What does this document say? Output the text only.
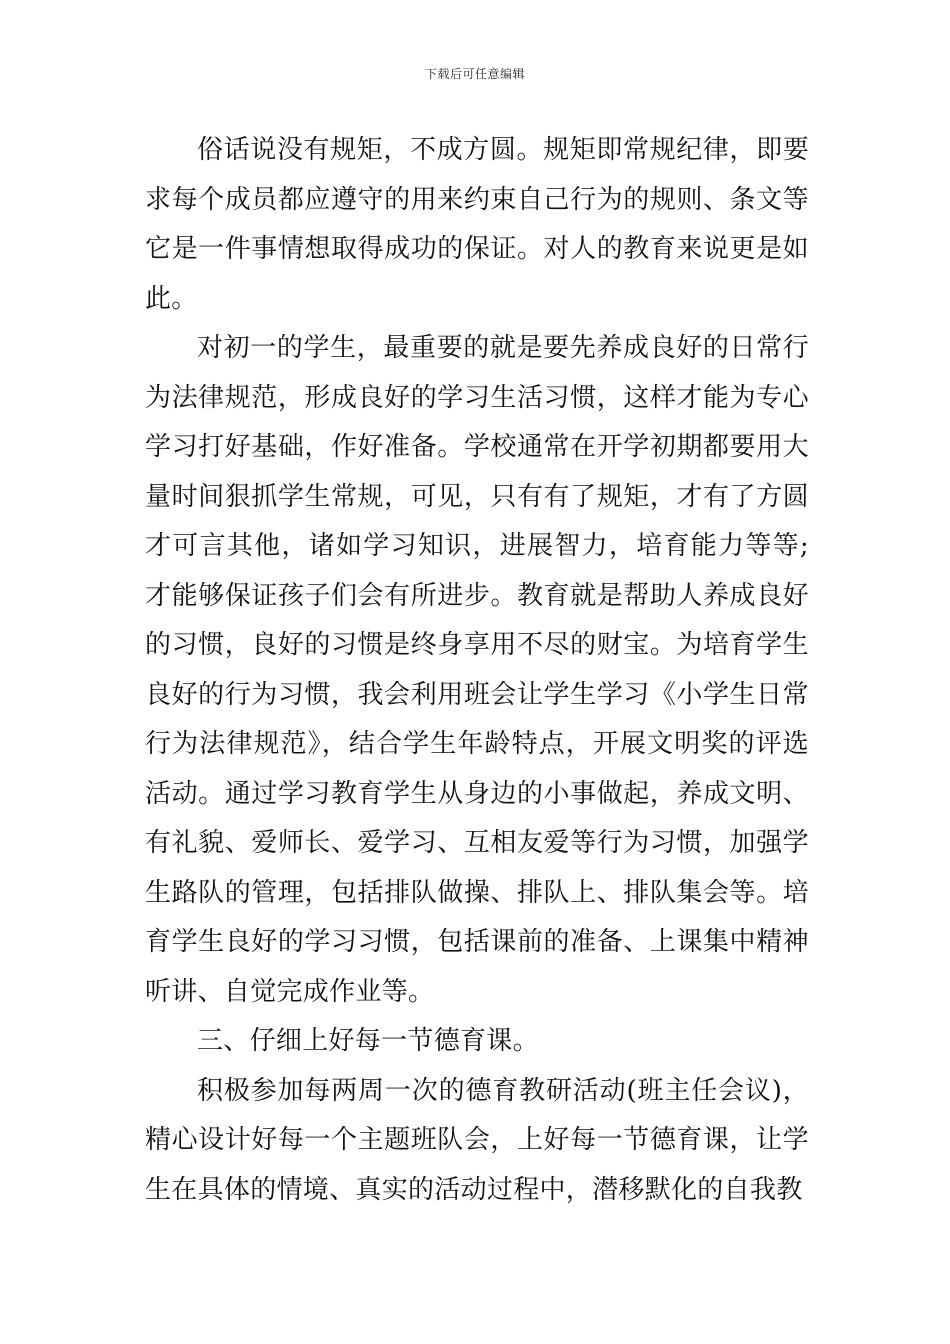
下载后可任意编辑

俗话说没有规矩，不成方圆。规矩即常规纪律，即要求每个成员都应遵守的用来约束自己行为的规则、条文等它是一件事情想取得成功的保证。对人的教育来说更是如此。

对初一的学生，最重要的就是要先养成良好的日常行为法律规范，形成良好的学习生活习惯，这样才能为专心学习打好基础，作好准备。学校通常在开学初期都要用大量时间狠抓学生常规，可见，只有有了规矩，才有了方圆才可言其他，诸如学习知识，进展智力，培育能力等等;才能够保证孩子们会有所进步。教育就是帮助人养成良好的习惯，良好的习惯是终身享用不尽的财宝。为培育学生良好的行为习惯，我会利用班会让学生学习《小学生日常行为法律规范》，结合学生年龄特点，开展文明奖的评选活动。通过学习教育学生从身边的小事做起，养成文明、有礼貌、爱师长、爱学习、互相友爱等行为习惯，加强学生路队的管理，包括排队做操、排队上、排队集会等。培育学生良好的学习习惯，包括课前的准备、上课集中精神听讲、自觉完成作业等。

三、仔细上好每一节德育课。

积极参加每两周一次的德育教研活动(班主任会议)，精心设计好每一个主题班队会，上好每一节德育课，让学生在具体的情境、真实的活动过程中，潜移默化的自我教
